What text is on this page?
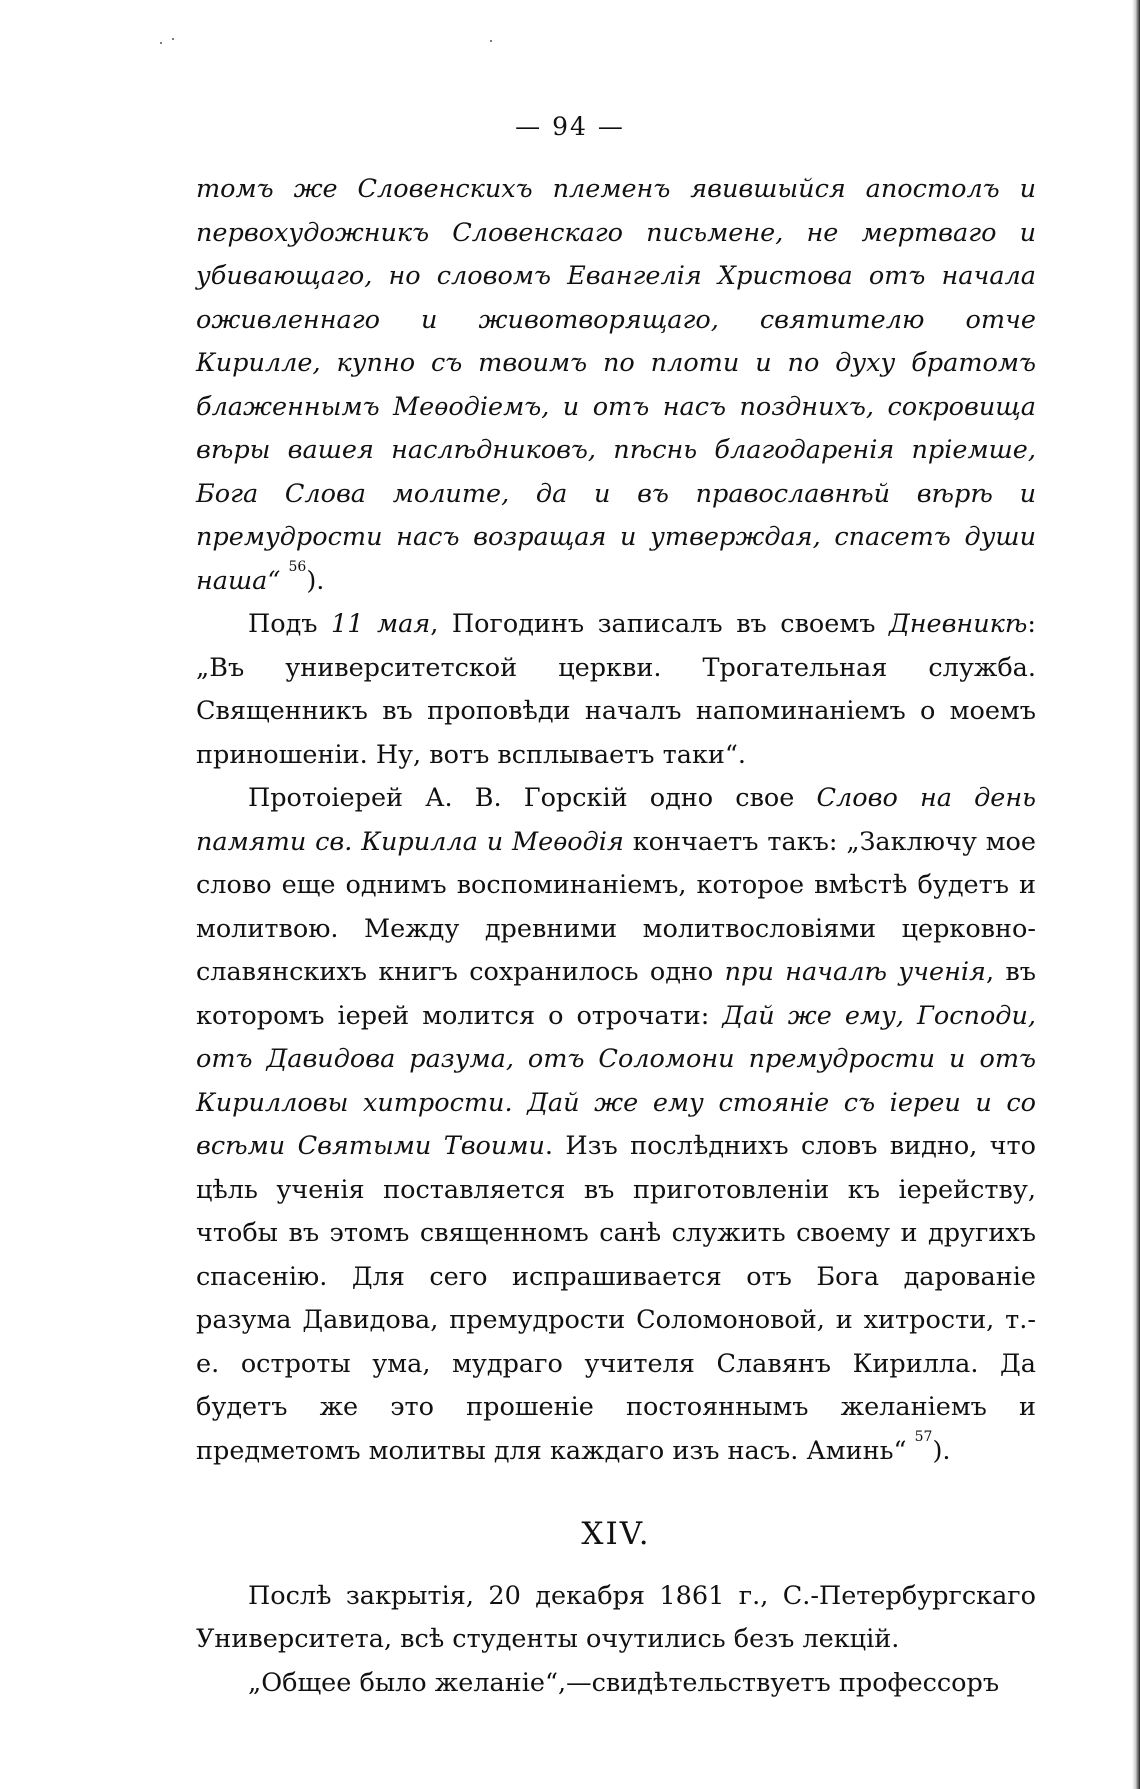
— 94 —

томъ же Словенскихъ племенъ явившыйся апостолъ и первохудожникъ Словенскаго письмене, не мертваго и убивающаго, но словомъ Евангелія Христова отъ начала оживленнаго и животворящаго, святителю отче Кирилле, купно съ твоимъ по плоти и по духу братомъ блаженнымъ Меѳодіемъ, и отъ насъ позднихъ, сокровища вѣры вашея наслѣдниковъ, пѣснь благодаренія пріемше, Бога Слова молите, да и въ православнѣй вѣрѣ и премудрости насъ возращая и утверждая, спасетъ души наша“ $^{56}$).

Подъ 11 мая, Погодинъ записалъ въ своемъ Дневникѣ: „Въ университетской церкви. Трогательная служба. Священникъ въ проповѣди началъ напоминаніемъ о моемъ приношеніи. Ну, вотъ всплываетъ таки“.

Протоіерей А. В. Горскій одно свое Слово на день памяти св. Кирилла и Меѳодія кончаетъ такъ: „Заключу мое слово еще однимъ воспоминаніемъ, которое вмѣстѣ будетъ и молитвою. Между древними молитвословіями церковно-славянскихъ книгъ сохранилось одно при началѣ ученія, въ которомъ іерей молится о отрочати: Дай же ему, Господи, отъ Давидова разума, отъ Соломони премудрости и отъ Кирилловы хитрости. Дай же ему стояніе съ іереи и со всѣми Святыми Твоими. Изъ послѣднихъ словъ видно, что цѣль ученія поставляется въ приготовленіи къ іерейству, чтобы въ этомъ священномъ санѣ служить своему и другихъ спасенію. Для сего испрашивается отъ Бога дарованіе разума Давидова, премудрости Соломоновой, и хитрости, т.-е. остроты ума, мудраго учителя Славянъ Кирилла. Да будетъ же это прошеніе постояннымъ желаніемъ и предметомъ молитвы для каждаго изъ насъ. Аминь“ $^{57}$).

XIV.

Послѣ закрытія, 20 декабря 1861 г., С.-Петербургскаго Университета, всѣ студенты очутились безъ лекцій.

„Общее было желаніе“,—свидѣтельствуетъ профессоръ
